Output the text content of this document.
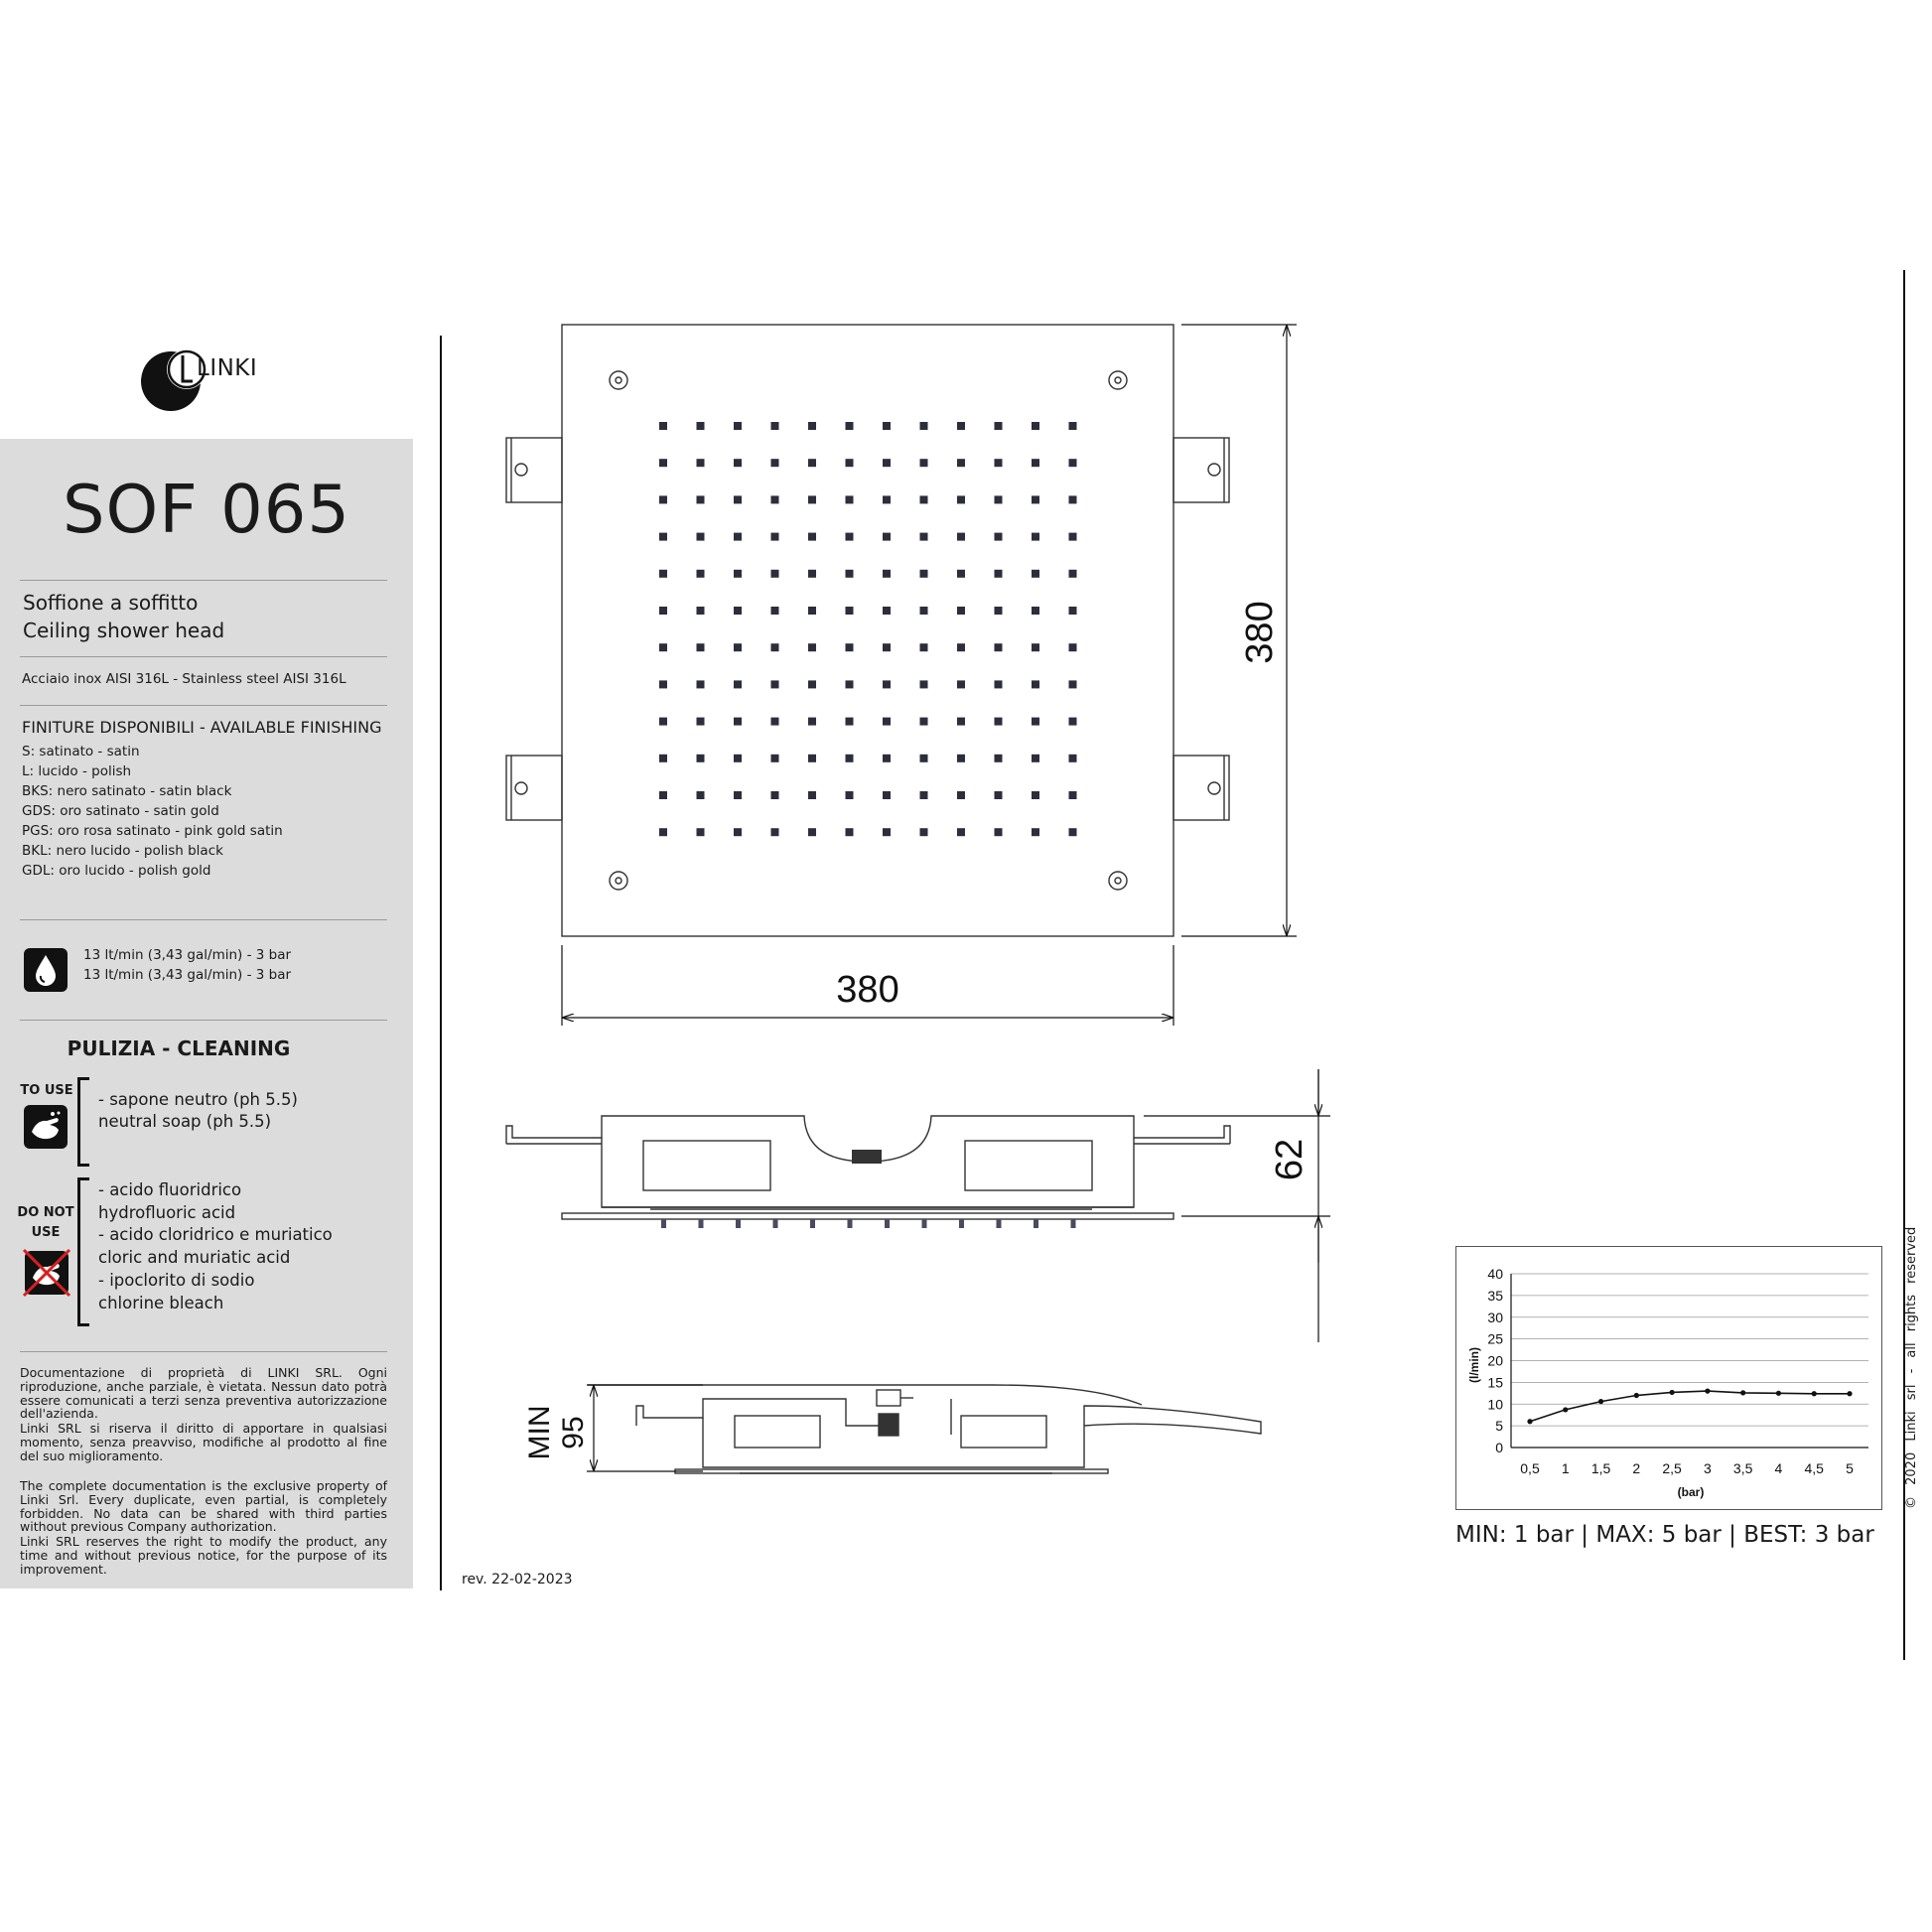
LINKI
SOF 065
Soffione a soffitto
Ceiling shower head
Acciaio inox AISI 316L - Stainless steel AISI 316L
FINITURE DISPONIBILI - AVAILABLE FINISHING
S: satinato - satin
L: lucido - polish
BKS: nero satinato - satin black
GDS: oro satinato - satin gold
PGS: oro rosa satinato - pink gold satin
BKL: nero lucido - polish black
GDL: oro lucido - polish gold
13 lt/min (3,43 gal/min) - 3 bar
13 lt/min (3,43 gal/min) - 3 bar
PULIZIA - CLEANING
TO USE	- sapone neutro (ph 5.5)
neutral soap (ph 5.5)
DO NOT
USE
- acido fluoridrico
hydrofluoric acid
- acido cloridrico e muriatico
cloric and muriatic acid
- ipoclorito di sodio
chlorine bleach

Documentazione di proprietà di LINKI SRL. Ogni riproduzione, anche parziale, è vietata. Nessun dato potrà essere comunicati a terzi senza preventiva autorizzazione dell'azienda.

Linki SRL si riserva il diritto di apportare in qualsiasi momento, senza preavviso, modifiche al prodotto al fine del suo miglioramento.

The complete documentation is the exclusive property of Linki Srl. Every duplicate, even partial, is completely forbidden. No data can be shared with third parties without previous Company authorization.

Linki SRL reserves the right to modify the product, any time and without previous notice, for the purpose of its improvement.

380
380
62
MIN 95
rev. 22-02-2023
© 2020 Linki srl - all rights reserved
0
5
10
15
20
25
30
35
40
0,5 1 1,5 2 2,5 3 3,5 4 4,5 5
(bar)
(l/min)
MIN: 1 bar | MAX: 5 bar | BEST: 3 bar
